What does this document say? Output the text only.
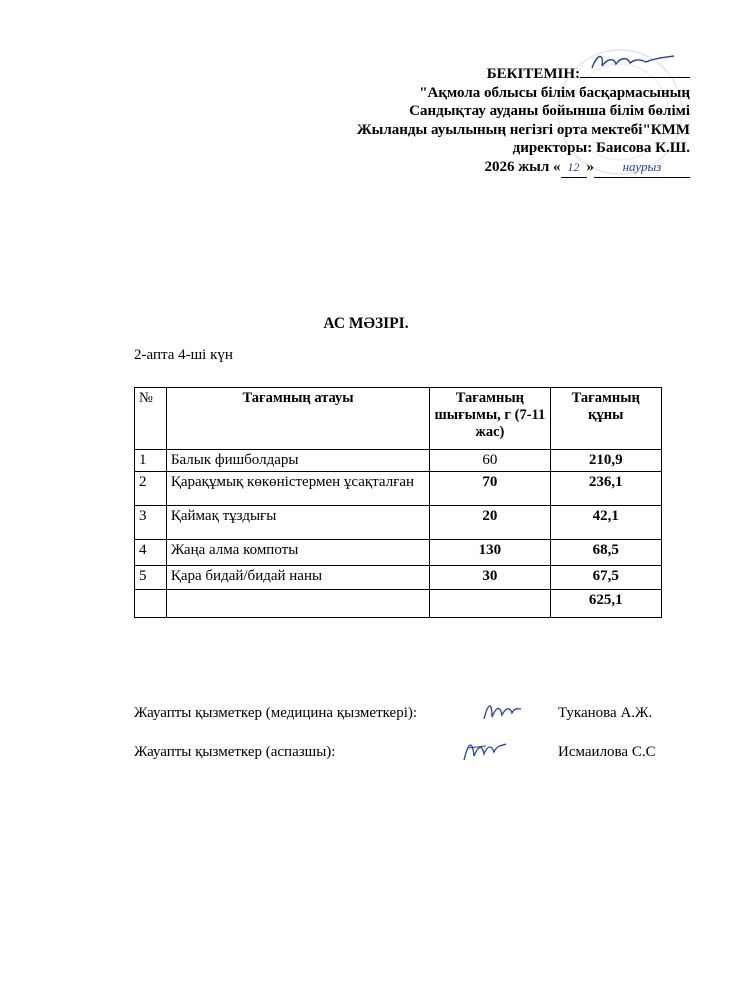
БЕКІТЕМІН:
"Ақмола облысы білім басқармасының
Сандықтау ауданы бойынша білім бөлімі
Жыланды ауылының негізгі орта мектебі"КММ
директоры: Баисова К.Ш.
2026 жыл « 12 » наурыз
АС МӘЗІРІ.
2-апта 4-ші күн
№	Тағамның атауы	Тағамның шығымы, г (7-11 жас)	Тағамның құны
1	Балык фишболдары	60	210,9
2	Қарақұмық көкөністермен ұсақталған	70	236,1
3	Қаймақ тұздығы	20	42,1
4	Жаңа алма компоты	130	68,5
5	Қара бидай/бидай наны	30	67,5
			625,1
Жауапты қызметкер (медицина қызметкері):	Туканова А.Ж.
Жауапты қызметкер (аспазшы):	Исмаилова С.С
